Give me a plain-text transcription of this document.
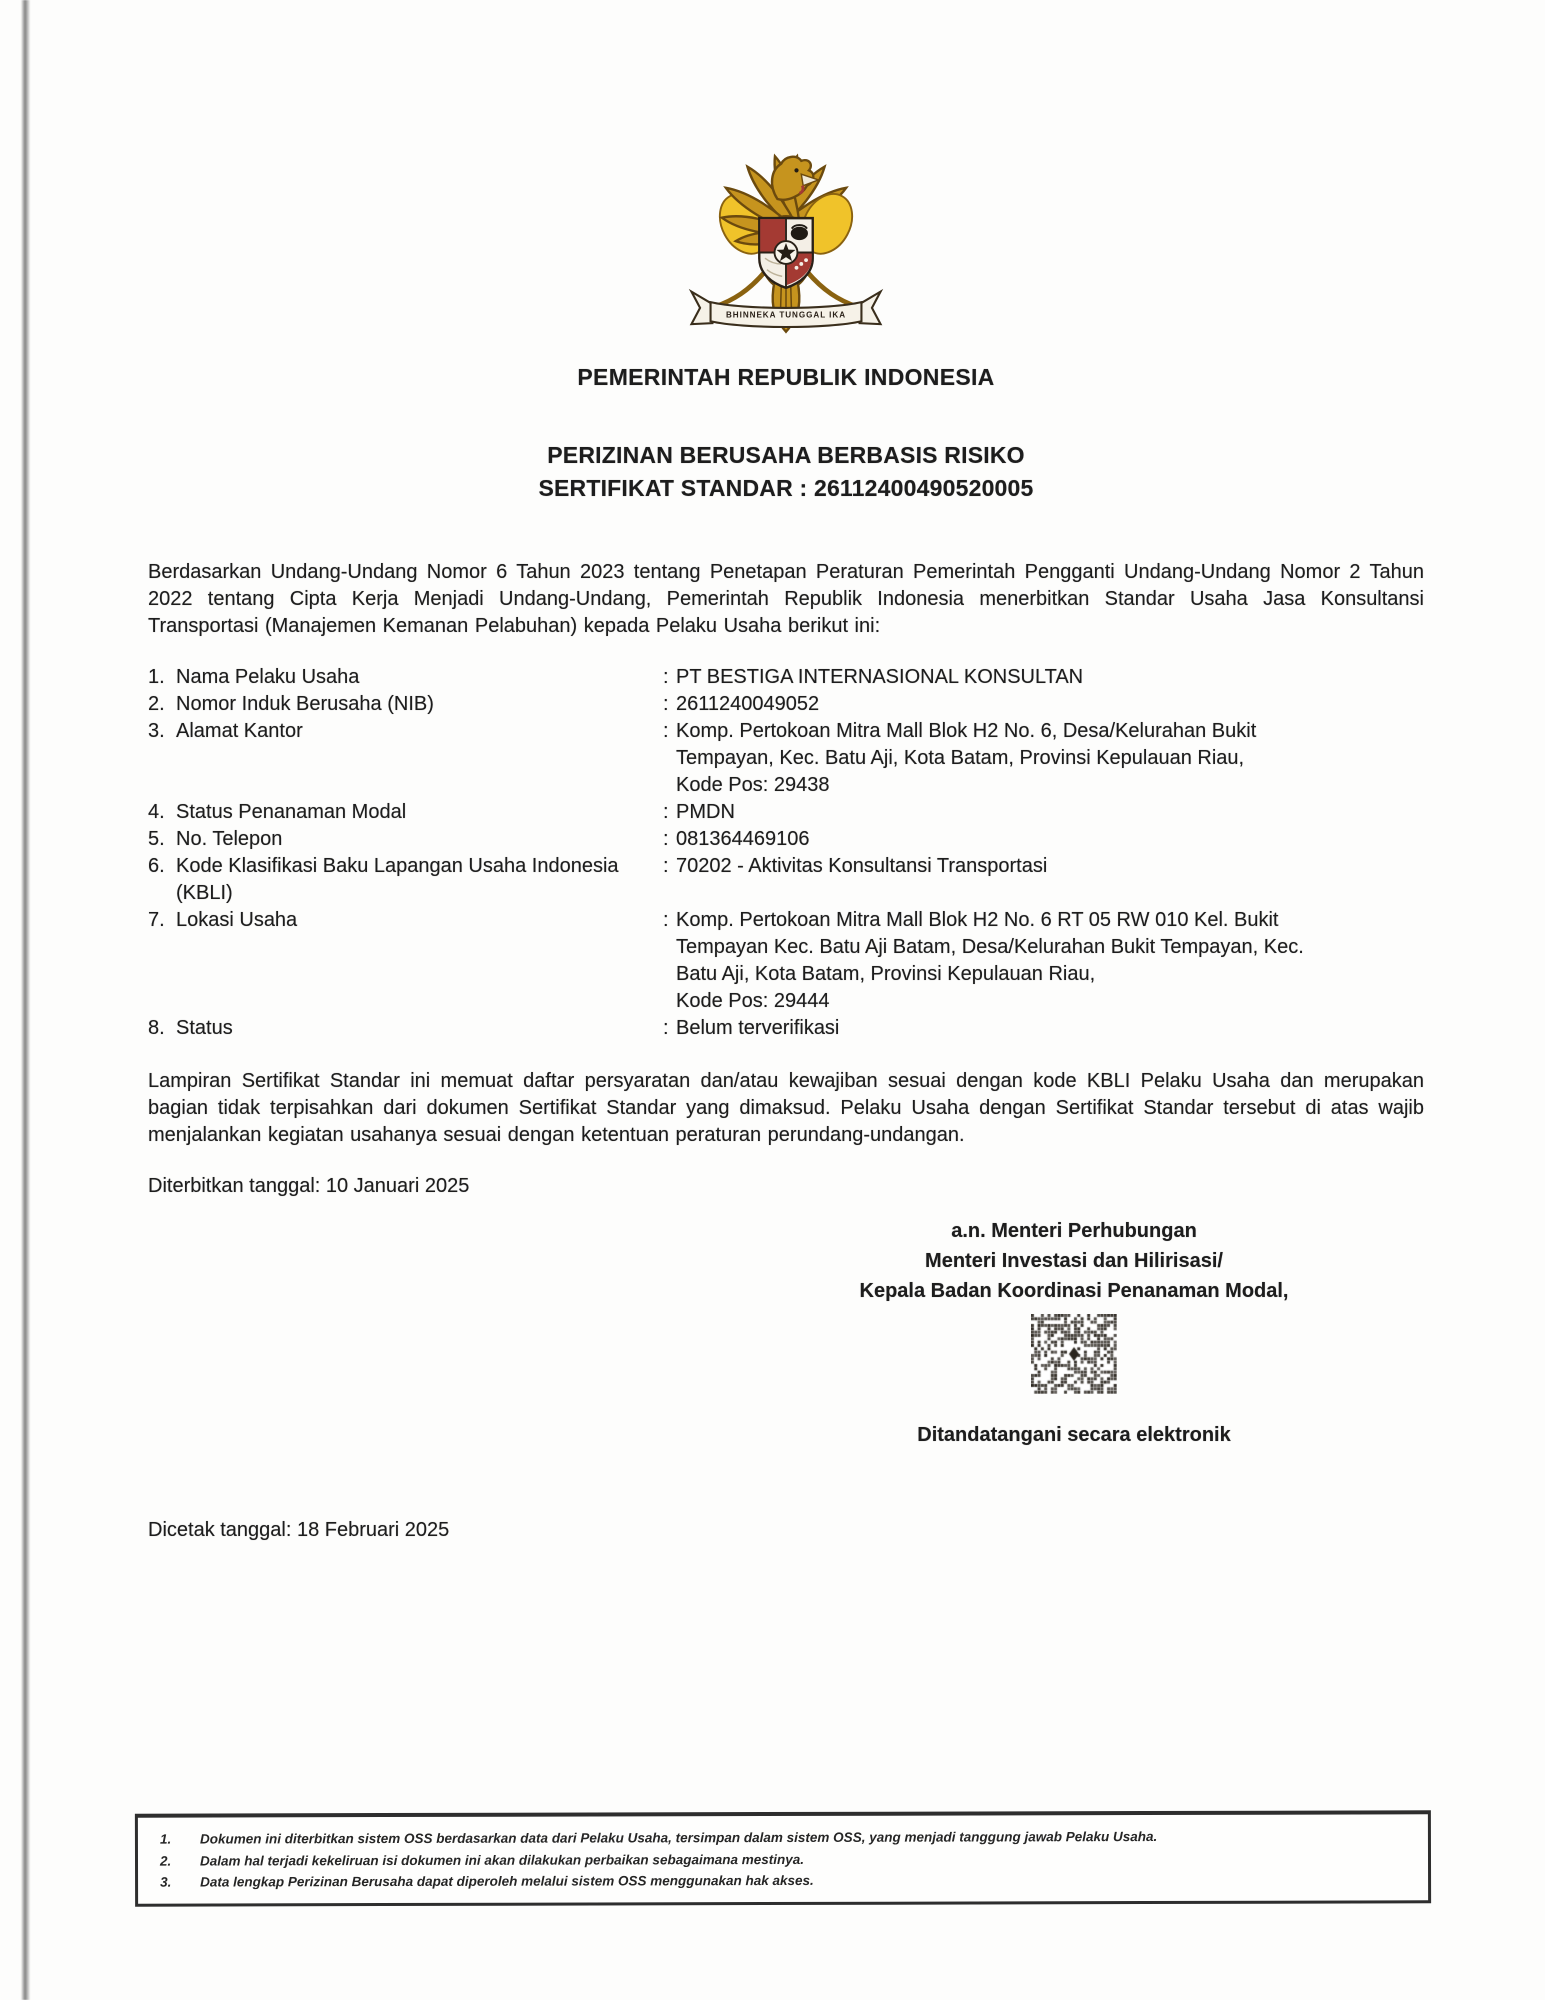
BHINNEKA TUNGGAL IKA
PEMERINTAH REPUBLIK INDONESIA
PERIZINAN BERUSAHA BERBASIS RISIKO
SERTIFIKAT STANDAR : 26112400490520005

Berdasarkan Undang-Undang Nomor 6 Tahun 2023 tentang Penetapan Peraturan Pemerintah Pengganti Undang-Undang Nomor 2 Tahun 2022 tentang Cipta Kerja Menjadi Undang-Undang, Pemerintah Republik Indonesia menerbitkan Standar Usaha Jasa Konsultansi Transportasi (Manajemen Kemanan Pelabuhan) kepada Pelaku Usaha berikut ini:

1. Nama Pelaku Usaha	: PT BESTIGA INTERNASIONAL KONSULTAN
2. Nomor Induk Berusaha (NIB)	: 2611240049052
3. Alamat Kantor	: Komp. Pertokoan Mitra Mall Blok H2 No. 6, Desa/Kelurahan Bukit
Tempayan, Kec. Batu Aji, Kota Batam, Provinsi Kepulauan Riau,
Kode Pos: 29438
4. Status Penanaman Modal	: PMDN
5. No. Telepon	: 081364469106
6. Kode Klasifikasi Baku Lapangan Usaha Indonesia
(KBLI)
: 70202 - Aktivitas Konsultansi Transportasi
7. Lokasi Usaha	: Komp. Pertokoan Mitra Mall Blok H2 No. 6 RT 05 RW 010 Kel. Bukit
Tempayan Kec. Batu Aji Batam, Desa/Kelurahan Bukit Tempayan, Kec.
Batu Aji, Kota Batam, Provinsi Kepulauan Riau,
Kode Pos: 29444
8. Status	: Belum terverifikasi

Lampiran Sertifikat Standar ini memuat daftar persyaratan dan/atau kewajiban sesuai dengan kode KBLI Pelaku Usaha dan merupakan bagian tidak terpisahkan dari dokumen Sertifikat Standar yang dimaksud. Pelaku Usaha dengan Sertifikat Standar tersebut di atas wajib menjalankan kegiatan usahanya sesuai dengan ketentuan peraturan perundang-undangan.

Diterbitkan tanggal: 10 Januari 2025
a.n. Menteri Perhubungan
Menteri Investasi dan Hilirisasi/
Kepala Badan Koordinasi Penanaman Modal,
Ditandatangani secara elektronik
Dicetak tanggal: 18 Februari 2025
1.	Dokumen ini diterbitkan sistem OSS berdasarkan data dari Pelaku Usaha, tersimpan dalam sistem OSS, yang menjadi tanggung jawab Pelaku Usaha.
2.	Dalam hal terjadi kekeliruan isi dokumen ini akan dilakukan perbaikan sebagaimana mestinya.
3.	Data lengkap Perizinan Berusaha dapat diperoleh melalui sistem OSS menggunakan hak akses.
